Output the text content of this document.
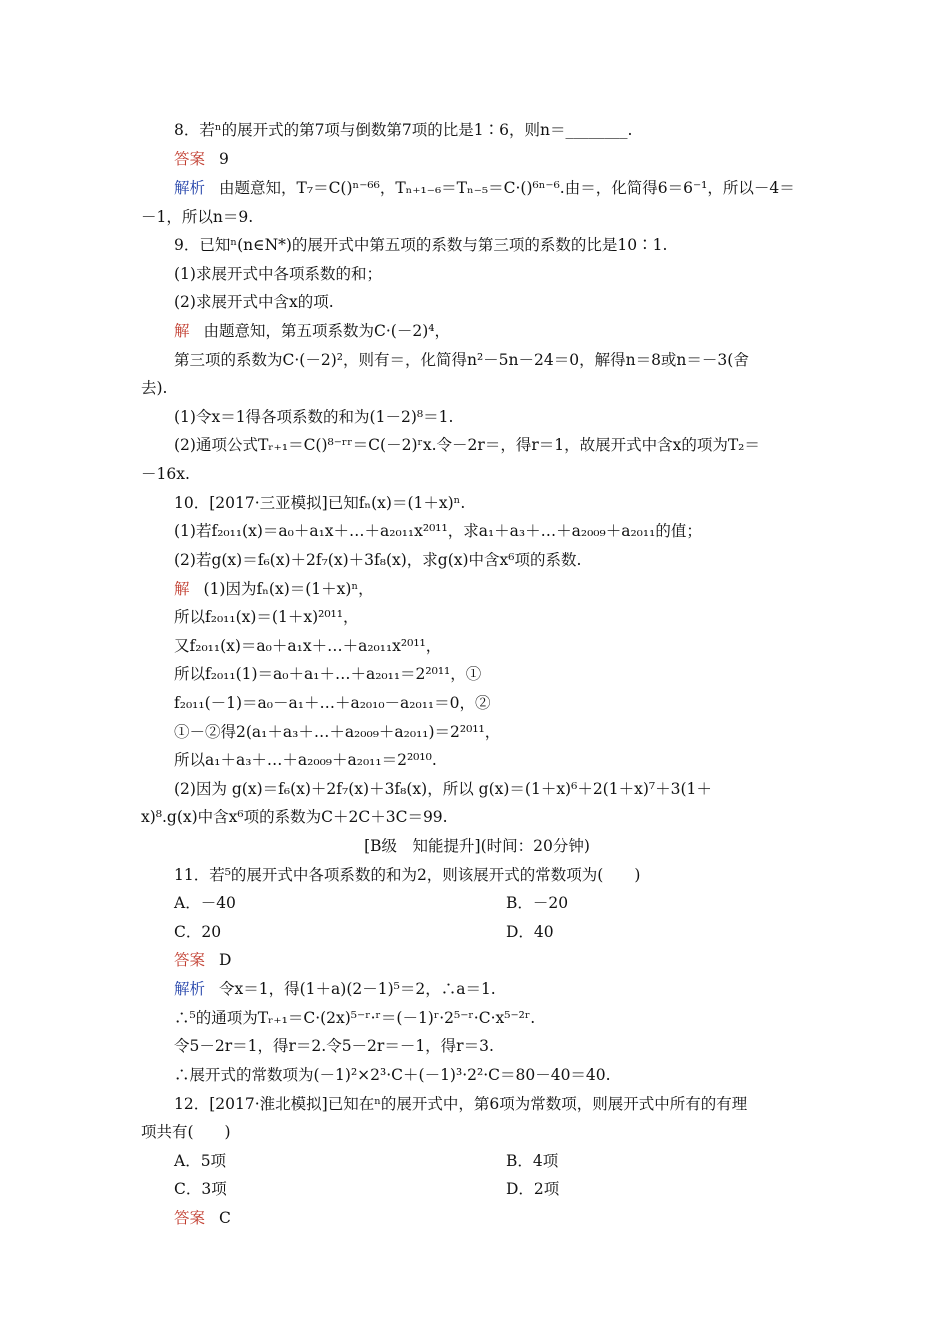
8．若ⁿ的展开式的第7项与倒数第7项的比是1∶6，则n＝________.
答案 9
解析 由题意知，T₇＝C()ⁿ⁻⁶⁶，Tₙ₊₁₋₆＝Tₙ₋₅＝C·()⁶ⁿ⁻⁶.由＝，化简得6＝6⁻¹，所以－4＝
－1，所以n＝9.
9．已知ⁿ(n∈N*)的展开式中第五项的系数与第三项的系数的比是10∶1.
(1)求展开式中各项系数的和；
(2)求展开式中含x的项.
解 由题意知，第五项系数为C·(－2)⁴，
第三项的系数为C·(－2)²，则有＝，化简得n²－5n－24＝0，解得n＝8或n＝－3(舍
去).
(1)令x＝1得各项系数的和为(1－2)⁸＝1.
(2)通项公式Tᵣ₊₁＝C()⁸⁻ʳʳ＝C(－2)ʳx.令－2r＝，得r＝1，故展开式中含x的项为T₂＝
－16x.
10．[2017·三亚模拟]已知fₙ(x)＝(1＋x)ⁿ.
(1)若f₂₀₁₁(x)＝a₀＋a₁x＋…＋a₂₀₁₁x²⁰¹¹，求a₁＋a₃＋…＋a₂₀₀₉＋a₂₀₁₁的值；
(2)若g(x)＝f₆(x)＋2f₇(x)＋3f₈(x)，求g(x)中含x⁶项的系数.
解 (1)因为fₙ(x)＝(1＋x)ⁿ，
所以f₂₀₁₁(x)＝(1＋x)²⁰¹¹，
又f₂₀₁₁(x)＝a₀＋a₁x＋…＋a₂₀₁₁x²⁰¹¹，
所以f₂₀₁₁(1)＝a₀＋a₁＋…＋a₂₀₁₁＝2²⁰¹¹，①
f₂₀₁₁(－1)＝a₀－a₁＋…＋a₂₀₁₀－a₂₀₁₁＝0，②
①－②得2(a₁＋a₃＋…＋a₂₀₀₉＋a₂₀₁₁)＝2²⁰¹¹，
所以a₁＋a₃＋…＋a₂₀₀₉＋a₂₀₁₁＝2²⁰¹⁰.
(2)因为 g(x)＝f₆(x)＋2f₇(x)＋3f₈(x)，所以 g(x)＝(1＋x)⁶＋2(1＋x)⁷＋3(1＋
x)⁸.g(x)中含x⁶项的系数为C＋2C＋3C＝99.
[B级　知能提升](时间：20分钟)
11．若⁵的展开式中各项系数的和为2，则该展开式的常数项为(　　)
A．－40	B．－20
C．20	D．40
答案 D
解析 令x＝1，得(1＋a)(2－1)⁵＝2，∴a＝1.
∴⁵的通项为Tᵣ₊₁＝C·(2x)⁵⁻ʳ·ʳ＝(－1)ʳ·2⁵⁻ʳ·C·x⁵⁻²ʳ.
令5－2r＝1，得r＝2.令5－2r＝－1，得r＝3.
∴展开式的常数项为(－1)²×2³·C＋(－1)³·2²·C＝80－40＝40.
12．[2017·淮北模拟]已知在ⁿ的展开式中，第6项为常数项，则展开式中所有的有理
项共有(　　)
A．5项	B．4项
C．3项	D．2项
答案 C
